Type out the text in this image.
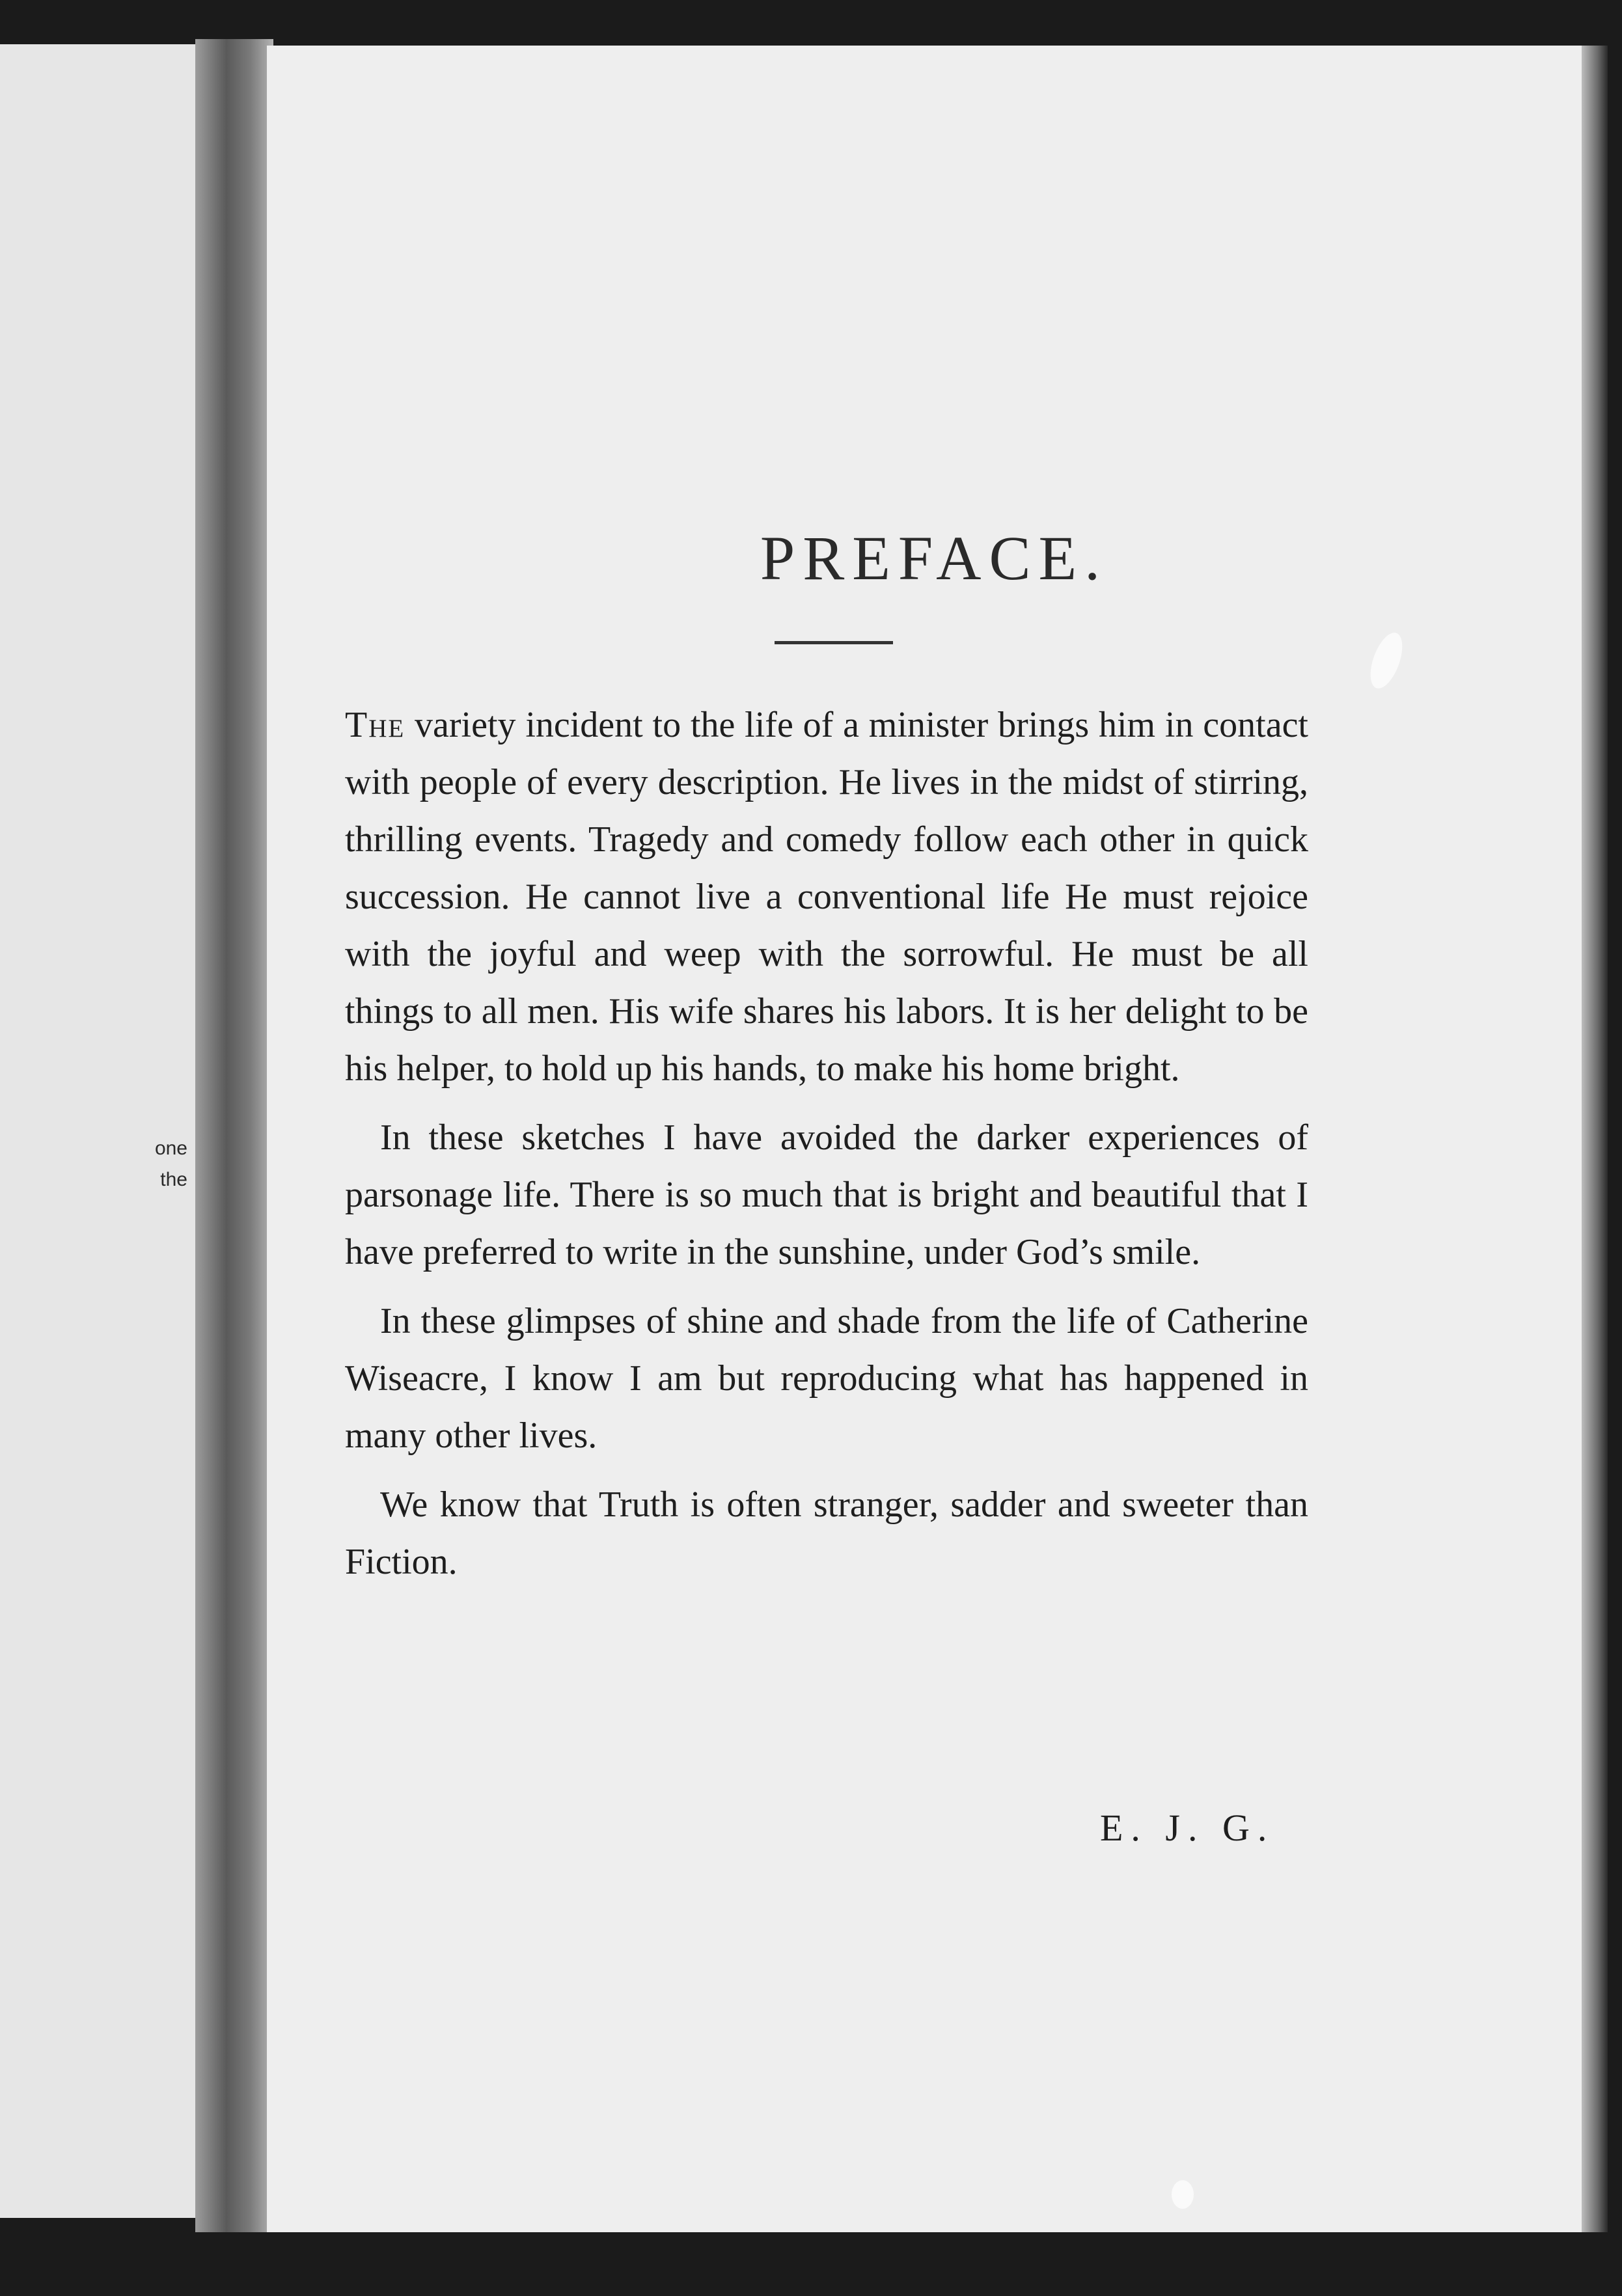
one
the
PREFACE.

The variety incident to the life of a minister brings him in contact with people of every description. He lives in the midst of stirring, thrilling events. Tragedy and comedy follow each other in quick succession. He cannot live a conventional life He must rejoice with the joyful and weep with the sorrowful. He must be all things to all men. His wife shares his labors. It is her delight to be his helper, to hold up his hands, to make his home bright.

In these sketches I have avoided the darker experiences of parsonage life. There is so much that is bright and beautiful that I have preferred to write in the sunshine, under God’s smile.

In these glimpses of shine and shade from the life of Catherine Wiseacre, I know I am but reproducing what has happened in many other lives.

We know that Truth is often stranger, sadder and sweeter than Fiction.

E. J. G.
